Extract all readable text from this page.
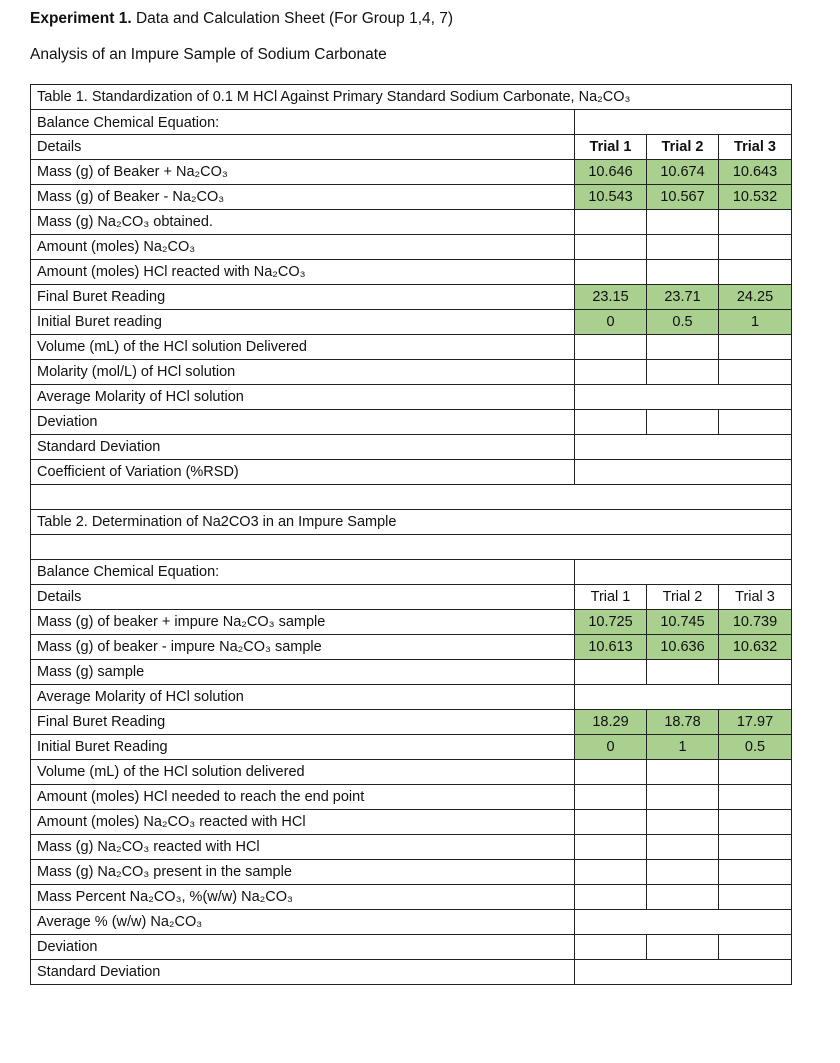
Experiment 1. Data and Calculation Sheet (For Group 1,4, 7)
Analysis of an Impure Sample of Sodium Carbonate
Table 1. Standardization of 0.1 M HCl Against Primary Standard Sodium Carbonate, Na₂CO₃			
Balance Chemical Equation:			
Details	Trial 1	Trial 2	Trial 3
Mass (g) of Beaker + Na₂CO₃	10.646	10.674	10.643
Mass (g) of Beaker - Na₂CO₃	10.543	10.567	10.532
Mass (g) Na₂CO₃ obtained.			
Amount (moles) Na₂CO₃			
Amount (moles) HCl reacted with Na₂CO₃			
Final Buret Reading	23.15	23.71	24.25
Initial Buret reading	0	0.5	1
Volume (mL) of the HCl solution Delivered			
Molarity (mol/L) of HCl solution			
Average Molarity of HCl solution			
Deviation			
Standard Deviation			
Coefficient of Variation (%RSD)			

Table 2. Determination of Na2CO3 in an Impure Sample			

Balance Chemical Equation:			
Details	Trial 1	Trial 2	Trial 3
Mass (g) of beaker + impure Na₂CO₃ sample	10.725	10.745	10.739
Mass (g) of beaker - impure Na₂CO₃ sample	10.613	10.636	10.632
Mass (g) sample			
Average Molarity of HCl solution			
Final Buret Reading	18.29	18.78	17.97
Initial Buret Reading	0	1	0.5
Volume (mL) of the HCl solution delivered			
Amount (moles) HCl needed to reach the end point			
Amount (moles) Na₂CO₃ reacted with HCl			
Mass (g) Na₂CO₃ reacted with HCl			
Mass (g) Na₂CO₃ present in the sample			
Mass Percent Na₂CO₃, %(w/w) Na₂CO₃			
Average % (w/w) Na₂CO₃			
Deviation			
Standard Deviation			
